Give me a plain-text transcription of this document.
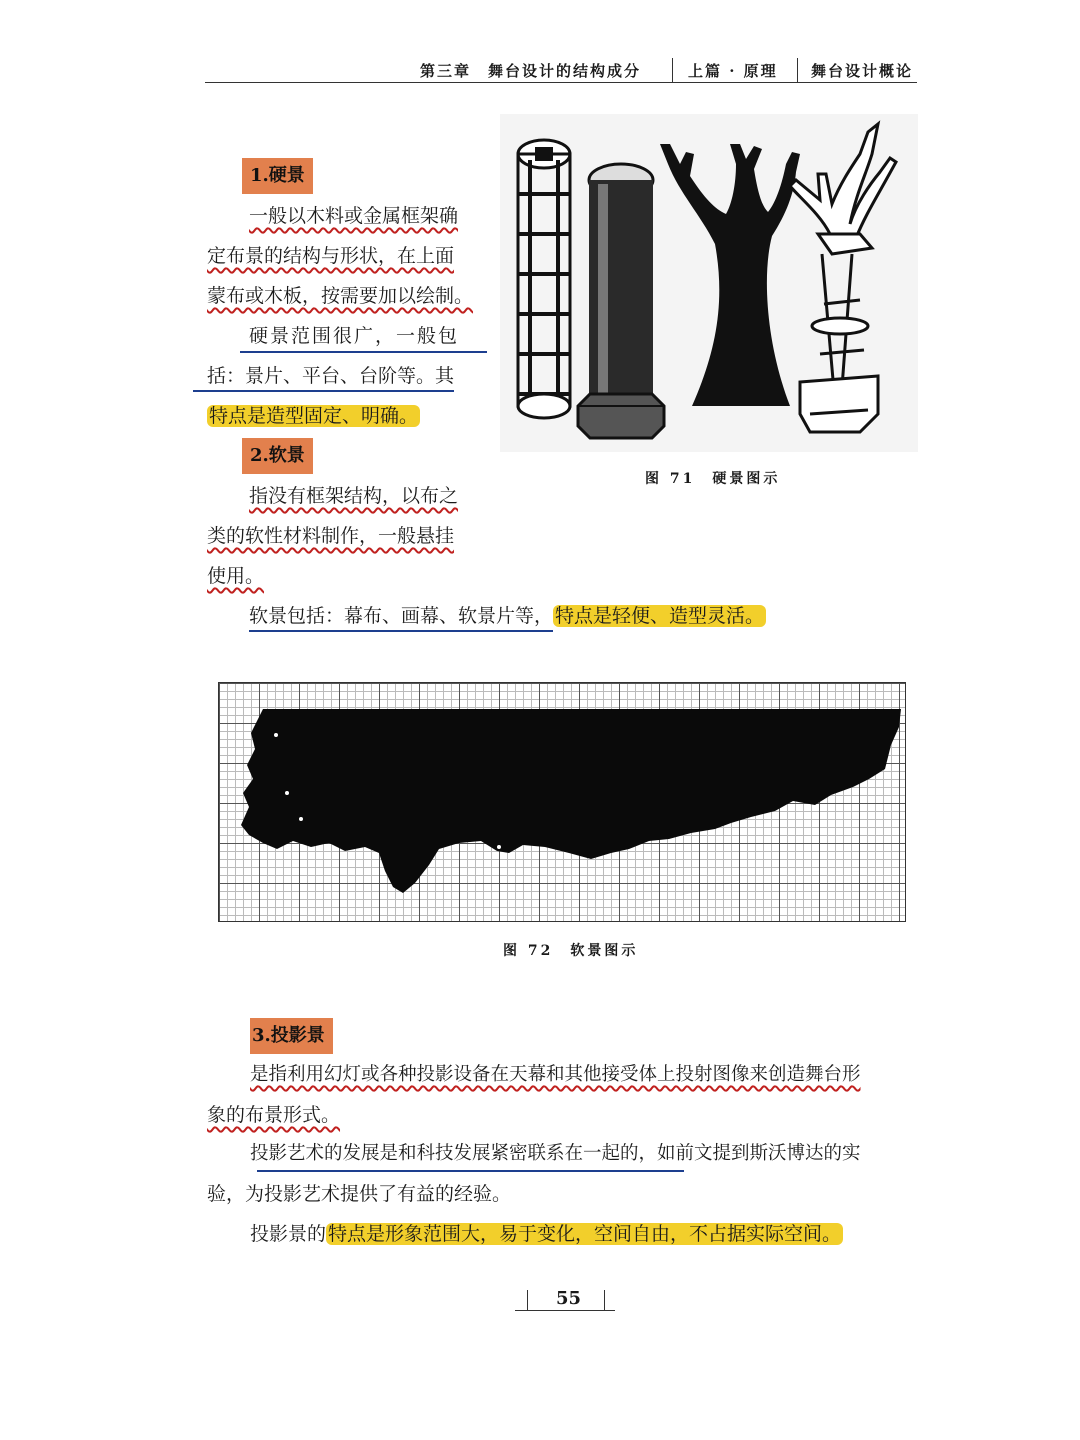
第三章　舞台设计的结构成分	上篇 · 原理 舞台设计概论
1.硬景
一般以木料或金属框架确
定布景的结构与形状，在上面
蒙布或木板，按需要加以绘制。
硬景范围很广，一般包
括：景片、平台、台阶等。其
特点是造型固定、明确。
2.软景
指没有框架结构，以布之
类的软性材料制作，一般悬挂
使用。
软景包括：幕布、画幕、软景片等， 特点是轻便、造型灵活。
图 71　硬景图示
图 72　软景图示
3.投影景
是指利用幻灯或各种投影设备在天幕和其他接受体上投射图像来创造舞台形
象的布景形式。
投影艺术的发展是和科技发展紧密联系在一起的，如前文提到斯沃博达的实
验，为投影艺术提供了有益的经验。
投影景的 特点是形象范围大，易于变化，空间自由，不占据实际空间。
55
